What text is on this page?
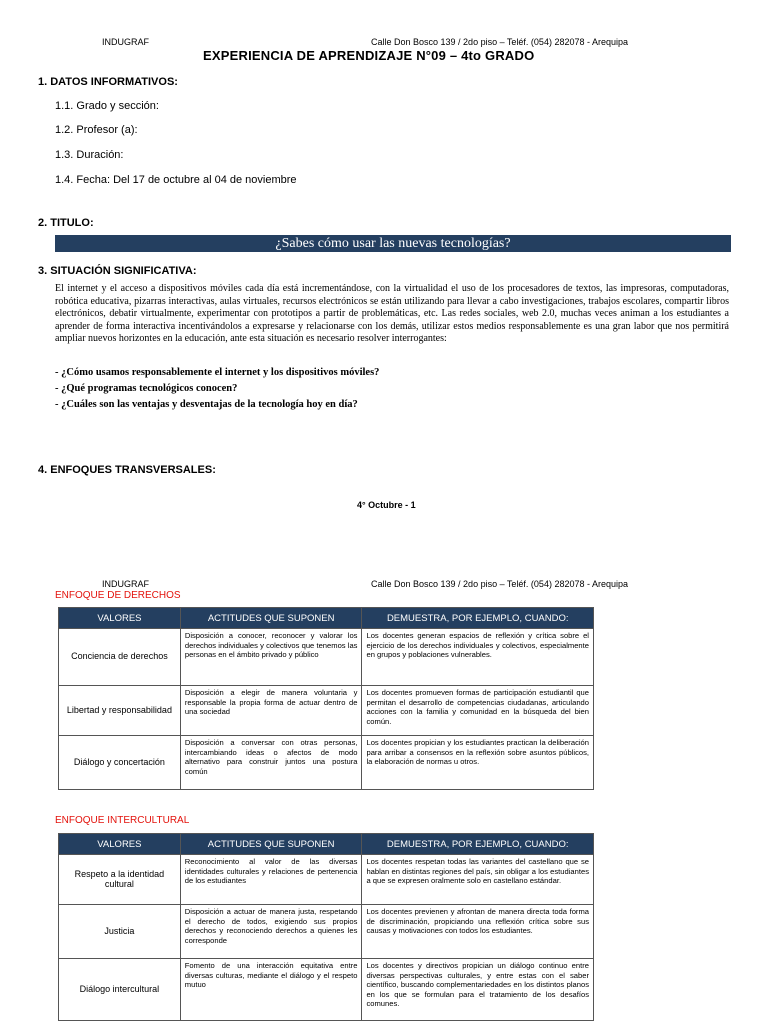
INDUGRAF	Calle Don Bosco 139 / 2do piso – Teléf. (054) 282078 - Arequipa
EXPERIENCIA DE APRENDIZAJE N°09 – 4to GRADO
1. DATOS INFORMATIVOS:
1.1. Grado y sección:
1.2. Profesor (a):
1.3. Duración:
1.4. Fecha: Del 17 de octubre al 04 de noviembre
2. TITULO:
¿Sabes cómo usar las nuevas tecnologías?
3. SITUACIÓN SIGNIFICATIVA:
El internet y el acceso a dispositivos móviles cada día está incrementándose, con la virtualidad el uso de los procesadores de textos, las impresoras, computadoras, robótica educativa, pizarras interactivas, aulas virtuales, recursos electrónicos se están utilizando para llevar a cabo investigaciones, trabajos escolares, compartir libros electrónicos, debatir virtualmente, experimentar con prototipos a partir de problemáticas, etc. Las redes sociales, web 2.0, muchas veces animan a los estudiantes a aprender de forma interactiva incentivándolos a expresarse y relacionarse con los demás, utilizar estos medios responsablemente es una gran labor que nos permitirá ampliar nuevos horizontes en la educación, ante esta situación es necesario resolver interrogantes:
- ¿Cómo usamos responsablemente el internet y los dispositivos móviles?
- ¿Qué programas tecnológicos conocen?
- ¿Cuáles son las ventajas y desventajas de la tecnología hoy en día?
4. ENFOQUES TRANSVERSALES:
4° Octubre - 1
INDUGRAF	Calle Don Bosco 139 / 2do piso – Teléf. (054) 282078 - Arequipa
ENFOQUE DE DERECHOS
VALORES	ACTITUDES QUE SUPONEN	DEMUESTRA, POR EJEMPLO, CUANDO:
Conciencia de derechos	Disposición a conocer, reconocer y valorar los derechos individuales y colectivos que tenemos las personas en el ámbito privado y público	Los docentes generan espacios de reflexión y crítica sobre el ejercicio de los derechos individuales y colectivos, especialmente en grupos y poblaciones vulnerables.
Libertad y responsabilidad	Disposición a elegir de manera voluntaria y responsable la propia forma de actuar dentro de una sociedad	Los docentes promueven formas de participación estudiantil que permitan el desarrollo de competencias ciudadanas, articulando acciones con la familia y comunidad en la búsqueda del bien común.
Diálogo y concertación	Disposición a conversar con otras personas, intercambiando ideas o afectos de modo alternativo para construir juntos una postura común	Los docentes propician y los estudiantes practican la deliberación para arribar a consensos en la reflexión sobre asuntos públicos, la elaboración de normas u otros.
ENFOQUE INTERCULTURAL
VALORES	ACTITUDES QUE SUPONEN	DEMUESTRA, POR EJEMPLO, CUANDO:
Respeto a la identidad cultural	Reconocimiento al valor de las diversas identidades culturales y relaciones de pertenencia de los estudiantes	Los docentes respetan todas las variantes del castellano que se hablan en distintas regiones del país, sin obligar a los estudiantes a que se expresen oralmente solo en castellano estándar.
Justicia	Disposición a actuar de manera justa, respetando el derecho de todos, exigiendo sus propios derechos y reconociendo derechos a quienes les corresponde	Los docentes previenen y afrontan de manera directa toda forma de discriminación, propiciando una reflexión crítica sobre sus causas y motivaciones con todos los estudiantes.
Diálogo intercultural	Fomento de una interacción equitativa entre diversas culturas, mediante el diálogo y el respeto mutuo	Los docentes y directivos propician un diálogo continuo entre diversas perspectivas culturales, y entre estas con el saber científico, buscando complementariedades en los distintos planos en los que se formulan para el tratamiento de los desafíos comunes.
